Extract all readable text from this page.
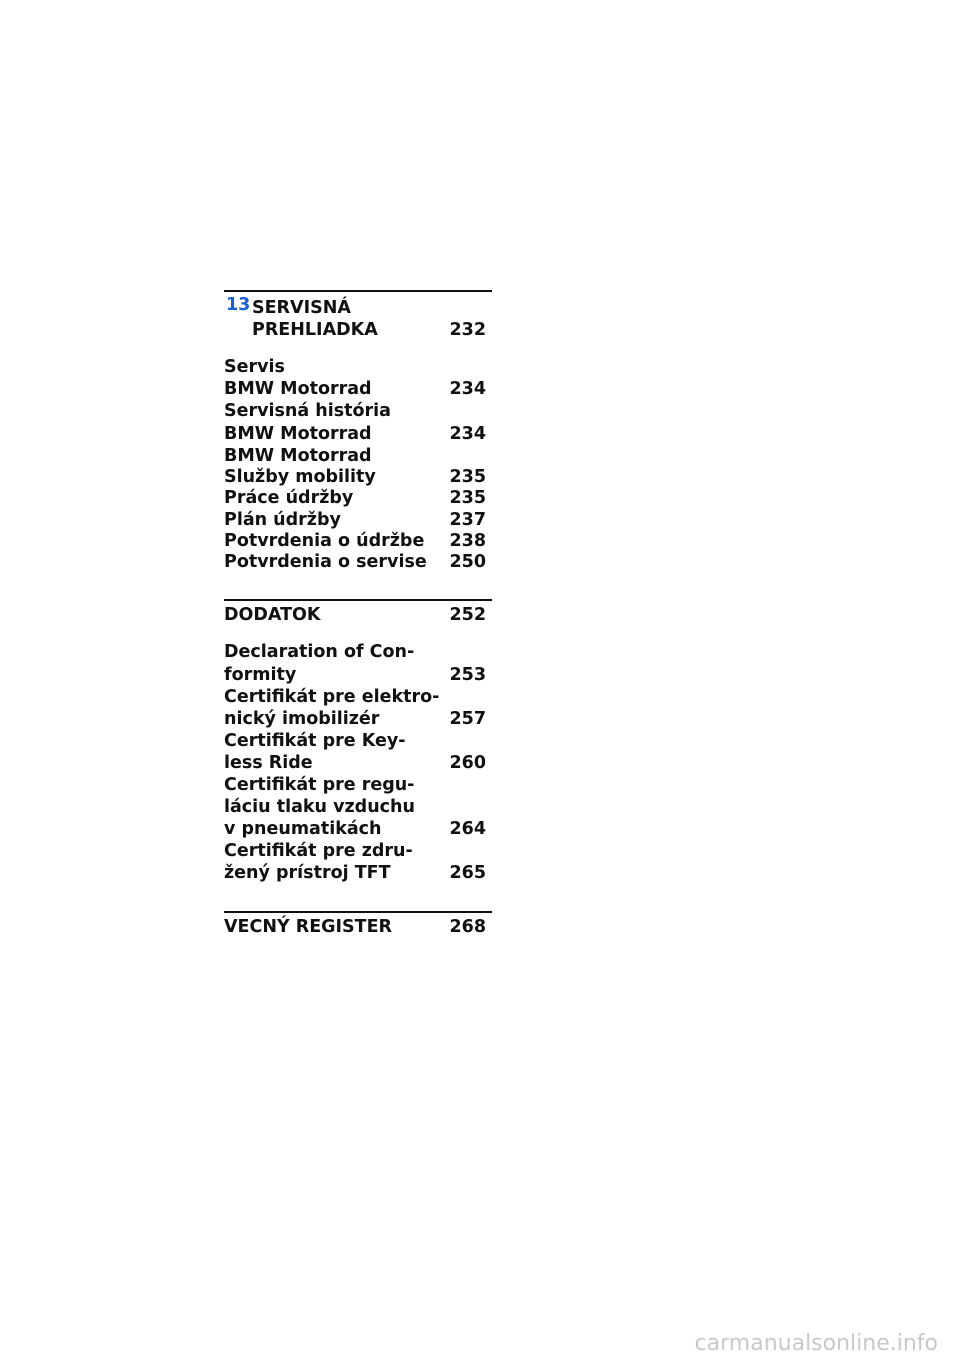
13 SERVISNÁ
PREHLIADKA	232
Servis
BMW Motorrad	234
Servisná história
BMW Motorrad	234
BMW Motorrad
Služby mobility	235
Práce údržby	235
Plán údržby	237
Potvrdenia o údržbe 238
Potvrdenia o servise 250
DODATOK	252
Declaration of Con-
formity	253
Certifikát pre elektro-
nický imobilizér	257
Certifikát pre Key-
less Ride	260
Certifikát pre regu-
láciu tlaku vzduchu
v pneumatikách	264
Certifikát pre zdru-
žený prístroj TFT	265
VECNÝ REGISTER	268
carmanualsonline.info
